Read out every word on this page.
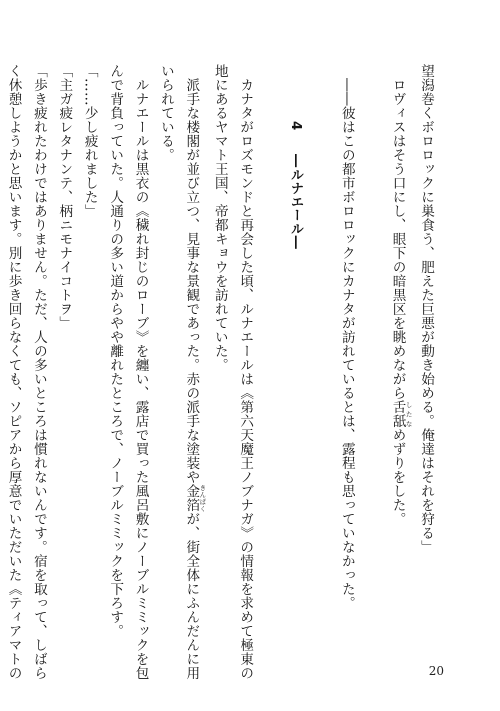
望潟巻くボロロックに巣食う、肥えた巨悪が動き始める。俺達はそれを狩る」
ロヴィスはそう口にし、眼下の暗黒区を眺めながら舌舐 したなめずりをした。
――彼はこの都市ボロロックにカナタが訪れているとは、露程も思っていなかった。
4 ―ルナエール―
カナタがロズモンドと再会した頃、ルナエールは《第六天魔王ノブナガ》の情報を求めて極東の
地にあるヤマト王国、帝都キョウを訪れていた。
派手な楼閣が並び立つ、見事な景観であった。赤の派手な塗装や金箔 きんぱくが、街全体にふんだんに用
いられている。
ルナエールは黒衣の《穢れ封じのローブ》を纏い、露店で買った風呂敷にノーブルミミックを包
んで背負っていた。人通りの多い道からやや離れたところで、ノーブルミミックを下ろす。
「……少し疲れました」
「主ガ疲レタナンテ、柄ニモナイコトヲ」
「歩き疲れたわけではありません。ただ、人の多いところは慣れないんです。宿を取って、しばら
く休憩しようかと思います。別に歩き回らなくても、ソピアから厚意でいただいた《ティアマトの	20
